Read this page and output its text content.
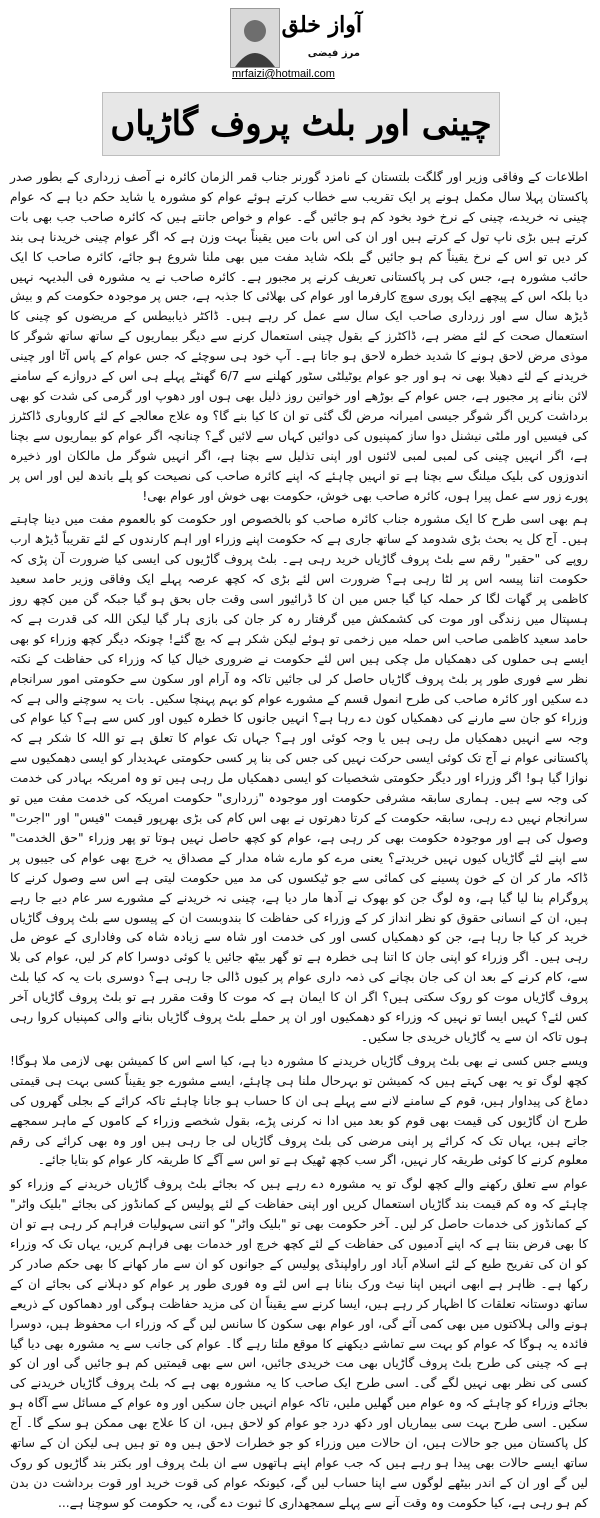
آواز خلق
مرز فیضی
mrfaizi@hotmail.com
چینی اور بلٹ پروف گاڑیاں

اطلاعات کے وفاقی وزیر اور گلگت بلتستان کے نامزد گورنر جناب قمر الزمان کائرہ نے آصف زرداری کے بطور صدر پاکستان پہلا سال مکمل ہونے پر ایک تقریب سے خطاب کرتے ہوئے عوام کو مشورہ یا شاید حکم دیا ہے کہ عوام چینی نہ خریدے، چینی کے نرخ خود بخود کم ہو جائیں گے۔ عوام و خواص جانتے ہیں کہ کائرہ صاحب جب بھی بات کرتے ہیں بڑی ناپ تول کے کرتے ہیں اور ان کی اس بات میں یقیناً بہت وزن ہے کہ اگر عوام چینی خریدنا ہی بند کر دیں تو اس کے نرخ یقیناً کم ہو جائیں گے بلکہ شاید مفت میں بھی ملنا شروع ہو جائے، کائرہ صاحب کا ایک حائب مشورہ ہے، جس کی ہر پاکستانی تعریف کرنے پر مجبور ہے۔ کائرہ صاحب نے یہ مشورہ فی البدیہہ نہیں دیا بلکہ اس کے پیچھے ایک پوری سوچ کارفرما اور عوام کی بھلائی کا جذبہ ہے، جس پر موجودہ حکومت کم و بیش ڈیڑھ سال سے اور زرداری صاحب ایک سال سے عمل کر رہے ہیں۔ ڈاکٹر ذیابیطس کے مریضوں کو چینی کا استعمال صحت کے لئے مضر ہے، ڈاکٹرز کے بقول چینی استعمال کرنے سے دیگر بیماریوں کے ساتھ ساتھ شوگر کا موذی مرض لاحق ہونے کا شدید خطرہ لاحق ہو جاتا ہے۔ آپ خود ہی سوچئے کہ جس عوام کے پاس آٹا اور چینی خریدنے کے لئے دھیلا بھی نہ ہو اور جو عوام یوٹیلٹی سٹور کھلنے سے 6/7 گھنٹے پہلے ہی اس کے دروازے کے سامنے لائن بنانے پر مجبور ہے، جس عوام کے بوڑھے اور خواتین روز ذلیل بھی ہوں اور دھوپ اور گرمی کی شدت کو بھی برداشت کریں اگر شوگر جیسی امیرانہ مرض لگ گئی تو ان کا کیا بنے گا؟ وہ علاج معالجے کے لئے کاروباری ڈاکٹرز کی فیسیں اور ملٹی نیشنل دوا ساز کمپنیوں کی دوائیں کہاں سے لائیں گے؟ چنانچہ اگر عوام کو بیماریوں سے بچنا ہے، اگر انہیں چینی کی لمبی لمبی لائنوں اور اپنی تذلیل سے بچنا ہے، اگر انہیں شوگر مل مالکان اور ذخیرہ اندوزوں کی بلیک میلنگ سے بچنا ہے تو انہیں چاہئے کہ اپنے کائرہ صاحب کی نصیحت کو پلے باندھ لیں اور اس پر پورے زور سے عمل پیرا ہوں، کائرہ صاحب بھی خوش، حکومت بھی خوش اور عوام بھی!

ہم بھی اسی طرح کا ایک مشورہ جناب کائرہ صاحب کو بالخصوص اور حکومت کو بالعموم مفت میں دینا چاہتے ہیں۔ آج کل یہ بحث بڑی شدومد کے ساتھ جاری ہے کہ حکومت اپنے وزراء اور اہم کارندوں کے لئے تقریباً ڈیڑھ ارب روپے کی "حقیر" رقم سے بلٹ پروف گاڑیاں خرید رہی ہے۔ بلٹ پروف گاڑیوں کی ایسی کیا ضرورت آن پڑی کہ حکومت اتنا پیسہ اس پر لٹا رہی ہے؟ ضرورت اس لئے بڑی کہ کچھ عرصہ پہلے ایک وفاقی وزیر حامد سعید کاظمی پر گھات لگا کر حملہ کیا گیا جس میں ان کا ڈرائیور اسی وقت جاں بحق ہو گیا جبکہ گن مین کچھ روز ہسپتال میں زندگی اور موت کی کشمکش میں گرفتار رہ کر جان کی بازی ہار گیا لیکن اللہ کی قدرت ہے کہ حامد سعید کاظمی صاحب اس حملہ میں زخمی تو ہوئے لیکن شکر ہے کہ بچ گئے! چونکہ دیگر کچھ وزراء کو بھی ایسے ہی حملوں کی دھمکیاں مل چکی ہیں اس لئے حکومت نے ضروری خیال کیا کہ وزراء کی حفاظت کے نکتہ نظر سے فوری طور پر بلٹ پروف گاڑیاں حاصل کر لی جائیں تاکہ وہ آرام اور سکون سے حکومتی امور سرانجام دے سکیں اور کائرہ صاحب کی طرح انمول قسم کے مشورے عوام کو بہم پہنچا سکیں۔ بات یہ سوچنے والی ہے کہ وزراء کو جان سے مارنے کی دھمکیاں کون دے رہا ہے؟ انہیں جانوں کا خطرہ کیوں اور کس سے ہے؟ کیا عوام کی وجہ سے انہیں دھمکیاں مل رہی ہیں یا وجہ کوئی اور ہے؟ جہاں تک عوام کا تعلق ہے تو اللہ کا شکر ہے کہ پاکستانی عوام نے آج تک کوئی ایسی حرکت نہیں کی جس کی بنا پر کسی حکومتی عہدیدار کو ایسی دھمکیوں سے نوازا گیا ہو! اگر وزراء اور دیگر حکومتی شخصیات کو ایسی دھمکیاں مل رہی ہیں تو وہ امریکہ بہادر کی خدمت کی وجہ سے ہیں۔ ہماری سابقہ مشرفی حکومت اور موجودہ "زرداری" حکومت امریکہ کی خدمت مفت میں تو سرانجام نہیں دے رہی، سابقہ حکومت کے کرتا دھرتوں نے بھی اس کام کی بڑی بھرپور قیمت "فیس" اور "اجرت" وصول کی ہے اور موجودہ حکومت بھی کر رہی ہے، عوام کو کچھ حاصل نہیں ہوتا تو پھر وزراء "حق الخدمت" سے اپنے لئے گاڑیاں کیوں نہیں خریدتے؟ یعنی مرے کو مارے شاہ مدار کے مصداق یہ خرچ بھی عوام کی جیبوں پر ڈاکہ مار کر ان کے خون پسینے کی کمائی سے جو ٹیکسوں کی مد میں حکومت لیتی ہے اس سے وصول کرنے کا پروگرام بنا لیا گیا ہے، وہ لوگ جن کو بھوک نے آدھا مار دیا ہے، چینی نہ خریدنے کے مشورے سر عام دیے جا رہے ہیں، ان کے انسانی حقوق کو نظر انداز کر کے وزراء کی حفاظت کا بندوبست ان کے پیسوں سے بلٹ پروف گاڑیاں خرید کر کیا جا رہا ہے، جن کو دھمکیاں کسی اور کی خدمت اور شاہ سے زیادہ شاہ کی وفاداری کے عوض مل رہی ہیں۔ اگر وزراء کو اپنی جان کا اتنا ہی خطرہ ہے تو گھر بیٹھ جائیں یا کوئی دوسرا کام کر لیں، عوام کی بلا سے، کام کرنے کے بعد ان کی جان بچانے کی ذمہ داری عوام پر کیوں ڈالی جا رہی ہے؟ دوسری بات یہ کہ کیا بلٹ پروف گاڑیاں موت کو روک سکتی ہیں؟ اگر ان کا ایمان ہے کہ موت کا وقت مقرر ہے تو بلٹ پروف گاڑیاں آخر کس لئے؟ کہیں ایسا تو نہیں کہ وزراء کو دھمکیوں اور ان پر حملے بلٹ پروف گاڑیاں بنانے والی کمپنیاں کروا رہی ہوں تاکہ ان سے یہ گاڑیاں خریدی جا سکیں۔

ویسے جس کسی نے بھی بلٹ پروف گاڑیاں خریدنے کا مشورہ دیا ہے، کیا اسے اس کا کمیشن بھی لازمی ملا ہوگا! کچھ لوگ تو یہ بھی کہتے ہیں کہ کمیشن تو بہرحال ملنا ہی چاہئے، ایسے مشورے جو یقیناً کسی بہت ہی قیمتی دماغ کی پیداوار ہیں، قوم کے سامنے لانے سے پہلے ہی ان کا حساب ہو جانا چاہئے تاکہ کرائے کے بجلی گھروں کی طرح ان گاڑیوں کی قیمت بھی قوم کو بعد میں ادا نہ کرنی پڑے، بقول شخصے وزراء کے کاموں کے ماہر سمجھے جاتے ہیں، یہاں تک کہ کرائے پر اپنی مرضی کی بلٹ پروف گاڑیاں لی جا رہی ہیں اور وہ بھی کرائے کی رقم معلوم کرنے کا کوئی طریقہ کار نہیں، اگر سب کچھ ٹھیک ہے تو اس سے آگے کا طریقہ کار عوام کو بتایا جائے۔

عوام سے تعلق رکھنے والے کچھ لوگ تو یہ مشورہ دے رہے ہیں کہ بجائے بلٹ پروف گاڑیاں خریدنے کے وزراء کو چاہئے کہ وہ کم قیمت بند گاڑیاں استعمال کریں اور اپنی حفاظت کے لئے پولیس کے کمانڈوز کی بجائے "بلیک واٹر" کے کمانڈوز کی خدمات حاصل کر لیں۔ آخر حکومت بھی تو "بلیک واٹر" کو اتنی سہولیات فراہم کر رہی ہے تو ان کا بھی فرض بنتا ہے کہ اپنے آدمیوں کی حفاظت کے لئے کچھ خرچ اور خدمات بھی فراہم کریں، یہاں تک کہ وزراء کو ان کی تفریح طبع کے لئے اسلام آباد اور راولپنڈی پولیس کے جوانوں کو ان سے مار کھانے کا بھی حکم صادر کر رکھا ہے۔ ظاہر ہے ابھی انہیں اپنا نیٹ ورک بنانا ہے اس لئے وہ فوری طور پر عوام کو دہلانے کی بجائے ان کے ساتھ دوستانہ تعلقات کا اظہار کر رہے ہیں، ایسا کرنے سے یقیناً ان کی مزید حفاظت ہوگی اور دھماکوں کے ذریعے ہونے والی ہلاکتوں میں بھی کمی آئے گی، اور عوام بھی سکون کا سانس لیں گے کہ وزراء اب محفوظ ہیں، دوسرا فائدہ یہ ہوگا کہ عوام کو بہت سے تماشے دیکھنے کا موقع ملتا رہے گا۔ عوام کی جانب سے یہ مشورہ بھی دیا گیا ہے کہ چینی کی طرح بلٹ پروف گاڑیاں بھی مت خریدی جائیں، اس سے بھی قیمتیں کم ہو جائیں گی اور ان کو کسی کی نظر بھی نہیں لگے گی۔ اسی طرح ایک صاحب کا یہ مشورہ بھی ہے کہ بلٹ پروف گاڑیاں خریدنے کی بجائے وزراء کو چاہئے کہ وہ عوام میں گھلیں ملیں، تاکہ عوام انہیں جان سکیں اور وہ عوام کے مسائل سے آگاہ ہو سکیں۔ اسی طرح بہت سی بیماریاں اور دکھ درد جو عوام کو لاحق ہیں، ان کا علاج بھی ممکن ہو سکے گا۔ آج کل پاکستان میں جو حالات ہیں، ان حالات میں وزراء کو جو خطرات لاحق ہیں وہ تو ہیں ہی لیکن ان کے ساتھ ساتھ ایسے حالات بھی پیدا ہو رہے ہیں کہ جب عوام اپنے ہاتھوں سے ان بلٹ پروف اور بکتر بند گاڑیوں کو روک لیں گے اور ان کے اندر بیٹھے لوگوں سے اپنا حساب لیں گے، کیونکہ عوام کی قوت خرید اور قوت برداشت دن بدن کم ہو رہی ہے، کیا حکومت وہ وقت آنے سے پہلے سمجھداری کا ثبوت دے گی، یہ حکومت کو سوچنا ہے...
